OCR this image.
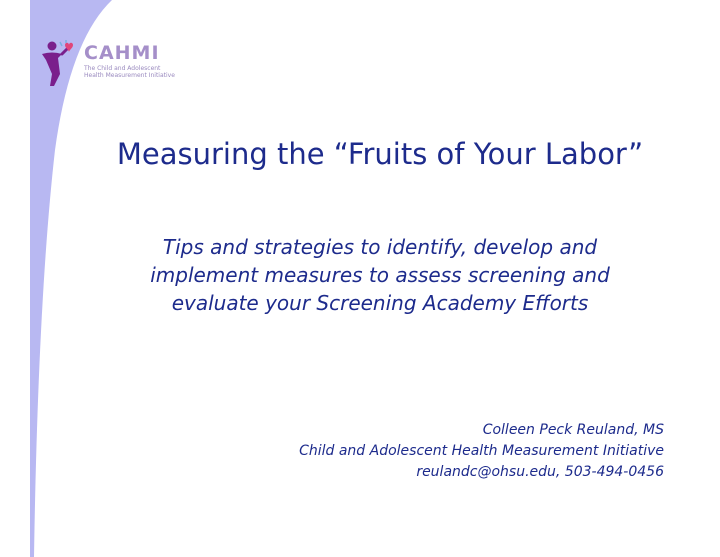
CAHMI
The Child and Adolescent
Health Measurement Initiative
Measuring the “Fruits of Your Labor”
Tips and strategies to identify, develop and
implement measures to assess screening and
evaluate your Screening Academy Efforts
Colleen Peck Reuland, MS
Child and Adolescent Health Measurement Initiative
reulandc@ohsu.edu, 503-494-0456
